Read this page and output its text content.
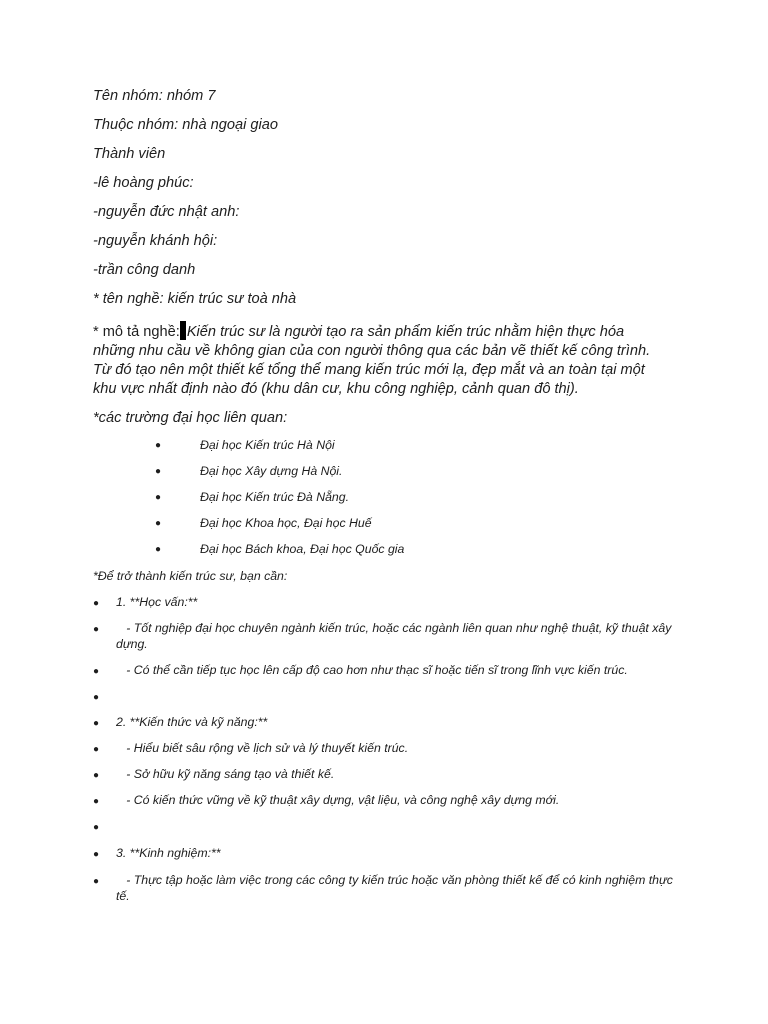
Tên nhóm: nhóm 7
Thuộc nhóm: nhà ngoại giao
Thành viên
-lê hoàng phúc:
-nguyễn đức nhật anh:
-nguyễn khánh hội:
-trần công danh
* tên nghề: kiến trúc sư toà nhà
* mô tả nghề: Kiến trúc sư là người tạo ra sản phẩm kiến trúc nhằm hiện thực hóa những nhu cầu về không gian của con người thông qua các bản vẽ thiết kế công trình. Từ đó tạo nên một thiết kế tổng thể mang kiến trúc mới lạ, đẹp mắt và an toàn tại một khu vực nhất định nào đó (khu dân cư, khu công nghiệp, cảnh quan đô thị).
*các trường đại học liên quan:
●	Đại học Kiến trúc Hà Nội
●	Đại học Xây dựng Hà Nội.
●	Đại học Kiến trúc Đà Nẵng.
●	Đại học Khoa học, Đại học Huế
●	Đại học Bách khoa, Đại học Quốc gia
*Để trở thành kiến trúc sư, bạn cần:
● 1. **Học vấn:**
● - Tốt nghiệp đại học chuyên ngành kiến trúc, hoặc các ngành liên quan như nghệ thuật, kỹ thuật xây dựng.
● - Có thể cần tiếp tục học lên cấp độ cao hơn như thạc sĩ hoặc tiến sĩ trong lĩnh vực kiến trúc.
●
● 2. **Kiến thức và kỹ năng:**
● - Hiểu biết sâu rộng về lịch sử và lý thuyết kiến trúc.
● - Sở hữu kỹ năng sáng tạo và thiết kế.
● - Có kiến thức vững về kỹ thuật xây dựng, vật liệu, và công nghệ xây dựng mới.
●
● 3. **Kinh nghiệm:**
● - Thực tập hoặc làm việc trong các công ty kiến trúc hoặc văn phòng thiết kế để có kinh nghiệm thực tế.
